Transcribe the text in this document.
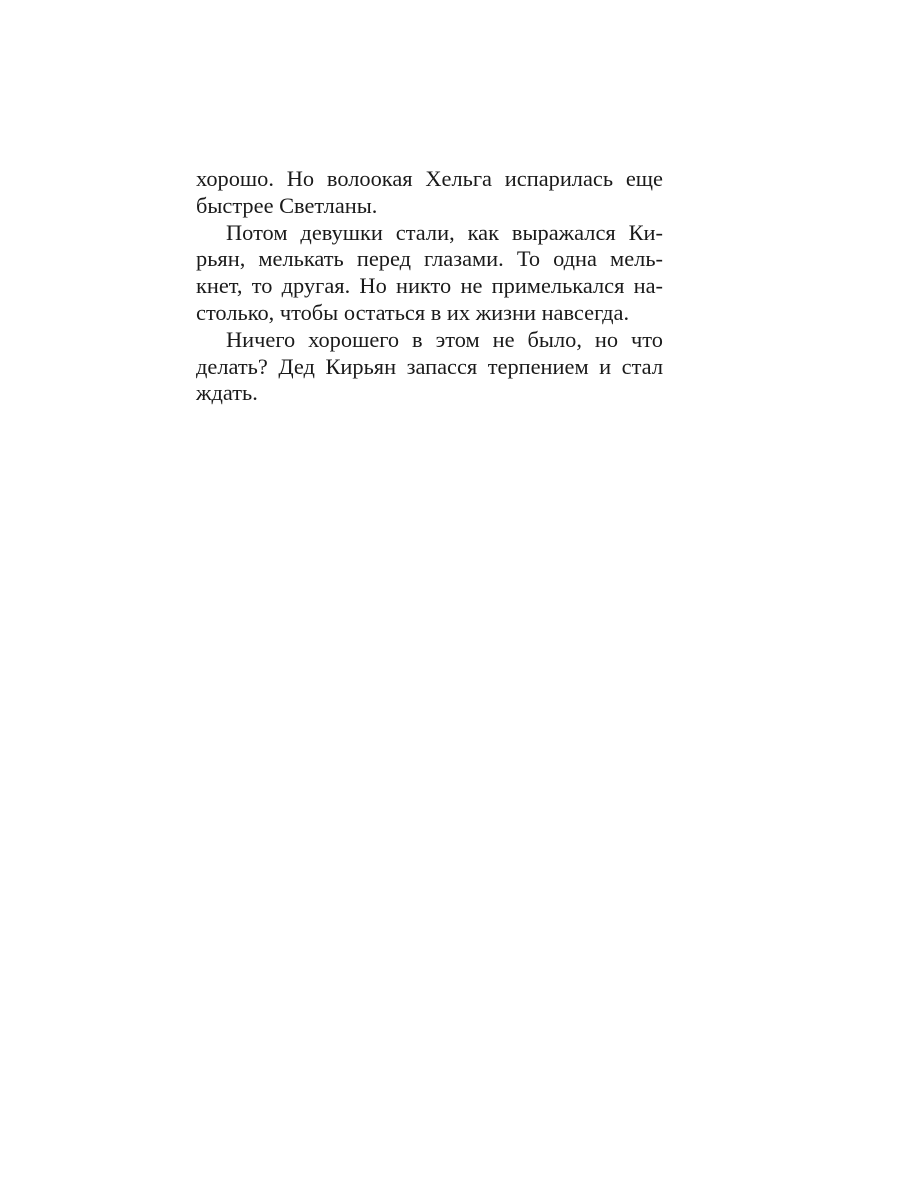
хорошо. Но волоокая Хельга испарилась еще
быстрее Светланы.
Потом девушки стали, как выражался Ки-
рьян, мелькать перед глазами. То одна мель-
кнет, то другая. Но никто не примелькался на-
столько, чтобы остаться в их жизни навсегда.
Ничего хорошего в этом не было, но что
делать? Дед Кирьян запасся терпением и стал
ждать.
